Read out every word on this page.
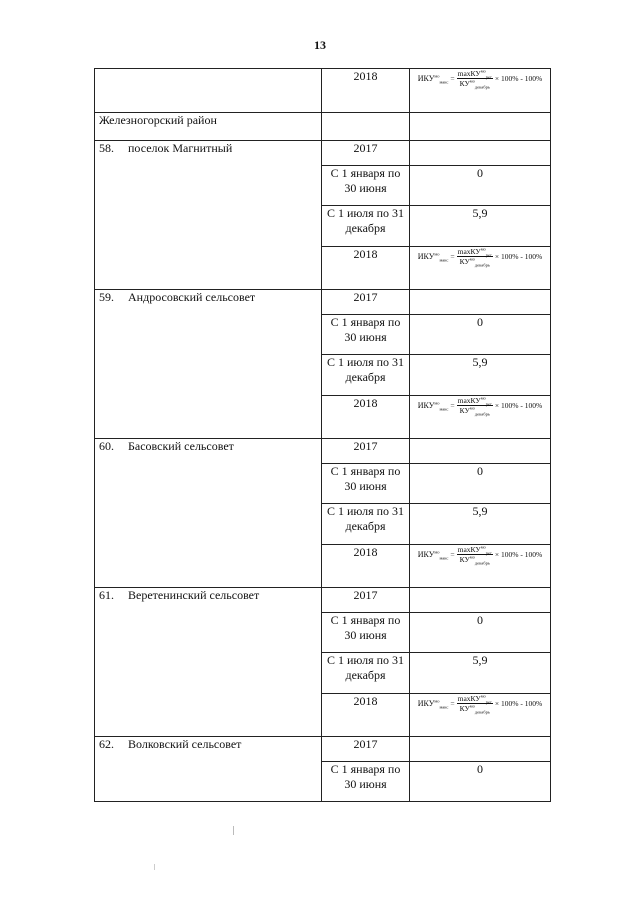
13
	2018	$ИКУ^{мо}_{макс} = \frac{\max КУ^{мо}_{рег}}{КУ^{мо}_{декабрь}} \times 100\% - 100\%$

Железногорский район		
58. поселок Магнитный	2017	
	С 1 января по 30 июня	0
	С 1 июля по 31 декабря	5,9
	2018	$ИКУ^{мо}_{макс} = \frac{\max КУ^{мо}_{рег}}{КУ^{мо}_{декабрь}} \times 100\% - 100\%$

59. Андросовский сельсовет	2017	
	С 1 января по 30 июня	0
	С 1 июля по 31 декабря	5,9
	2018	$ИКУ^{мо}_{макс} = \frac{\max КУ^{мо}_{рег}}{КУ^{мо}_{декабрь}} \times 100\% - 100\%$

60. Басовский сельсовет	2017	
	С 1 января по 30 июня	0
	С 1 июля по 31 декабря	5,9
	2018	$ИКУ^{мо}_{макс} = \frac{\max КУ^{мо}_{рег}}{КУ^{мо}_{декабрь}} \times 100\% - 100\%$

61. Веретенинский сельсовет	2017	
	С 1 января по 30 июня	0
	С 1 июля по 31 декабря	5,9
	2018	$ИКУ^{мо}_{макс} = \frac{\max КУ^{мо}_{рег}}{КУ^{мо}_{декабрь}} \times 100\% - 100\%$

62. Волковский сельсовет	2017	
	С 1 января по 30 июня	0
